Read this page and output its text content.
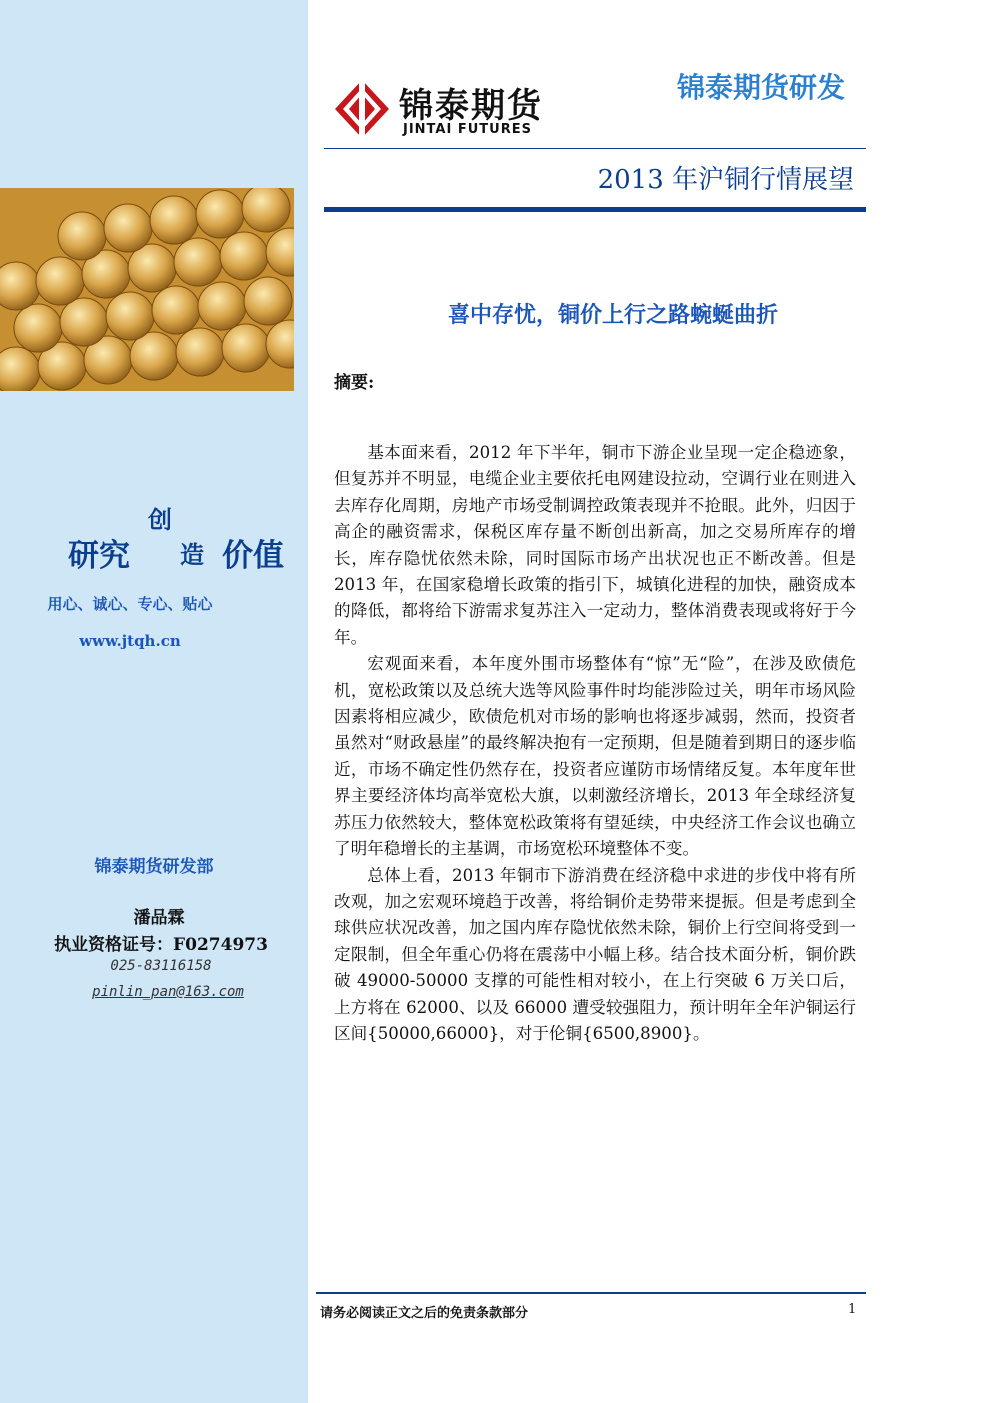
研究
创
造 价值
用心、诚心、专心、贴心
www.jtqh.cn
锦泰期货研发部
潘品霖
执业资格证号：F0274973
025-83116158
pinlin_pan@163.com
锦泰期货
JINTAI FUTURES
锦泰期货研发
2013 年沪铜行情展望
喜中存忧，铜价上行之路蜿蜒曲折
摘要:

基本面来看，2012 年下半年，铜市下游企业呈现一定企稳迹象，但复苏并不明显，电缆企业主要依托电网建设拉动，空调行业在则进入去库存化周期，房地产市场受制调控政策表现并不抢眼。此外，归因于高企的融资需求，保税区库存量不断创出新高，加之交易所库存的增长，库存隐忧依然未除，同时国际市场产出状况也正不断改善。但是 2013 年，在国家稳增长政策的指引下，城镇化进程的加快，融资成本的降低，都将给下游需求复苏注入一定动力，整体消费表现或将好于今年。

宏观面来看，本年度外围市场整体有“惊”无“险”，在涉及欧债危机，宽松政策以及总统大选等风险事件时均能涉险过关，明年市场风险因素将相应减少，欧债危机对市场的影响也将逐步减弱，然而，投资者虽然对“财政悬崖”的最终解决抱有一定预期，但是随着到期日的逐步临近，市场不确定性仍然存在，投资者应谨防市场情绪反复。本年度年世界主要经济体均高举宽松大旗，以刺激经济增长，2013 年全球经济复苏压力依然较大，整体宽松政策将有望延续，中央经济工作会议也确立了明年稳增长的主基调，市场宽松环境整体不变。

总体上看，2013 年铜市下游消费在经济稳中求进的步伐中将有所改观，加之宏观环境趋于改善，将给铜价走势带来提振。但是考虑到全球供应状况改善，加之国内库存隐忧依然未除，铜价上行空间将受到一定限制，但全年重心仍将在震荡中小幅上移。结合技术面分析，铜价跌破 49000-50000 支撑的可能性相对较小，在上行突破 6 万关口后，上方将在 62000、以及 66000 遭受较强阻力，预计明年全年沪铜运行区间{50000,66000}，对于伦铜{6500,8900}。

请务必阅读正文之后的免责条款部分	1
